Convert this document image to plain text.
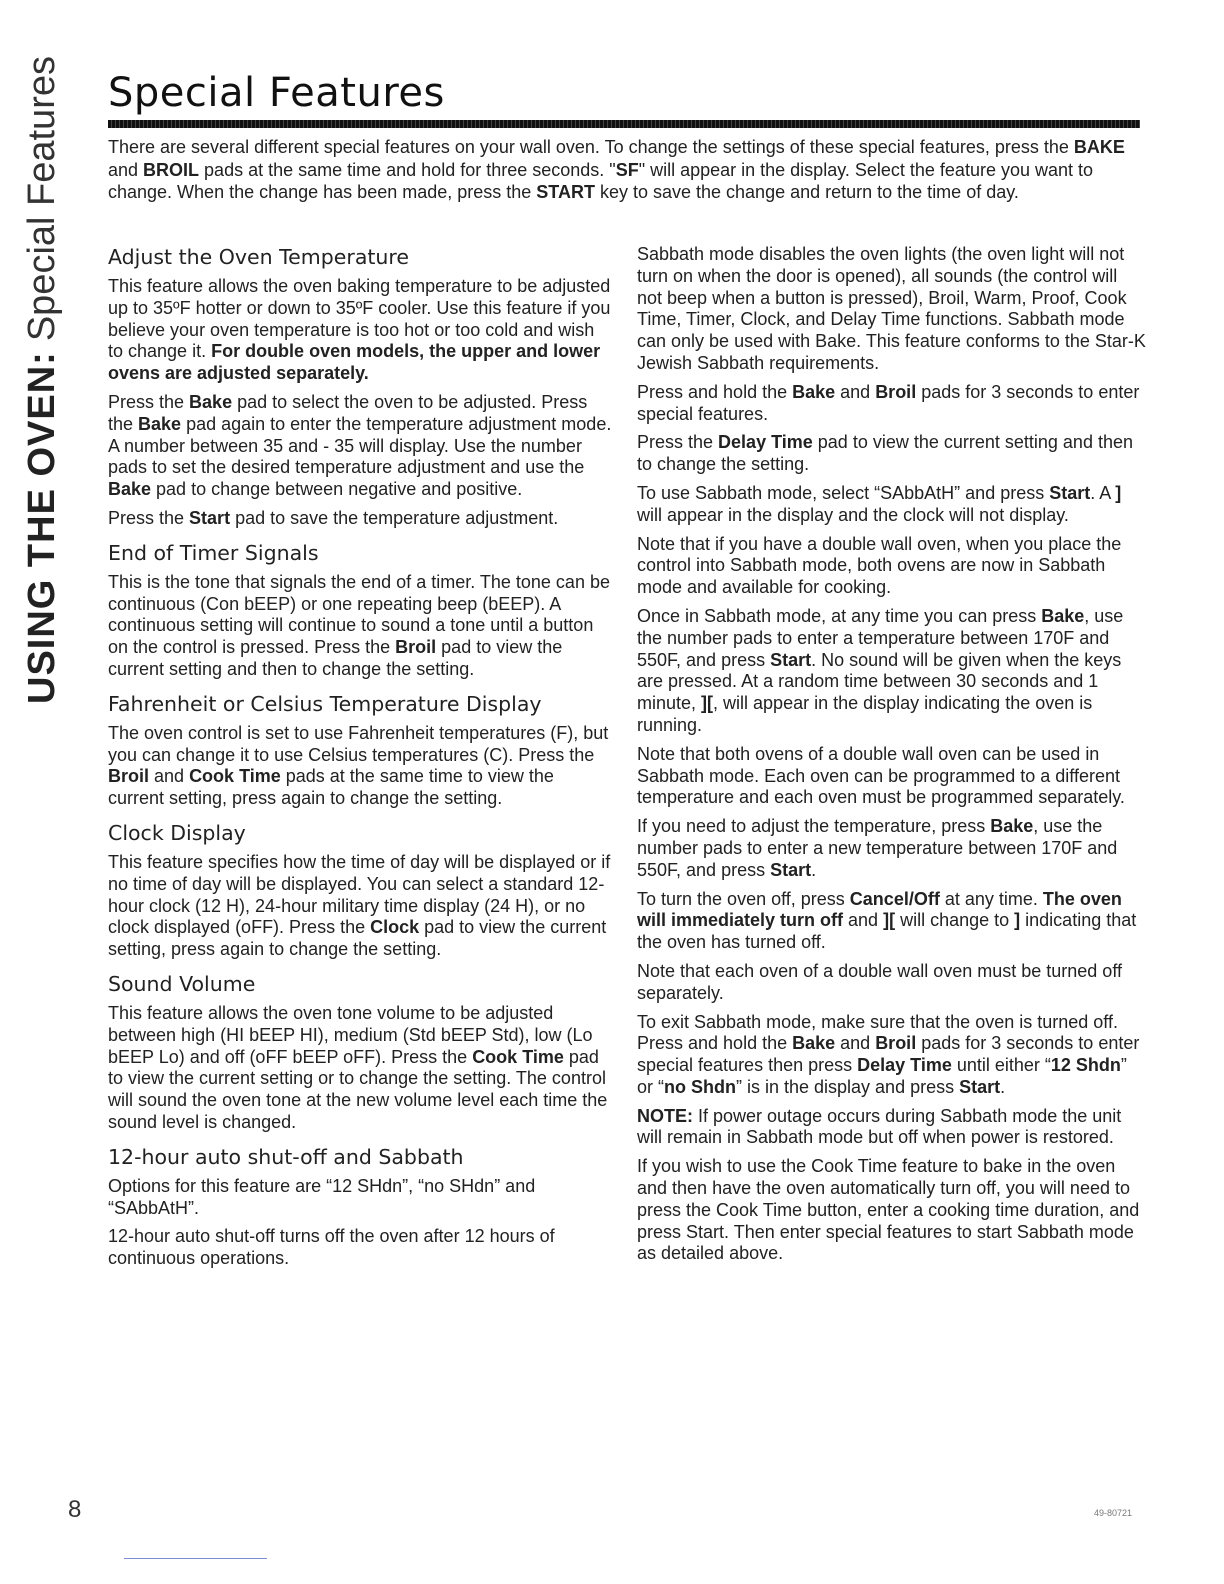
USING THE OVEN:
Special Features Special Features
There are several different special features on your wall oven. To change the settings of these special features, press the BAKE and BROIL pads at the same time and hold for three seconds. "SF" will appear in the display. Select the feature you want to change. When the change has been made, press the START key to save the change and return to the time of day.
Adjust the Oven Temperature

This feature allows the oven baking temperature to be adjusted up to 35ºF hotter or down to 35ºF cooler. Use this feature if you believe your oven temperature is too hot or too cold and wish to change it. For double oven models, the upper and lower ovens are adjusted separately.

Press the Bake pad to select the oven to be adjusted. Press the Bake pad again to enter the temperature adjustment mode. A number between 35 and - 35 will display. Use the number pads to set the desired temperature adjustment and use the Bake pad to change between negative and positive.

Press the Start pad to save the temperature adjustment.

End of Timer Signals

This is the tone that signals the end of a timer. The tone can be continuous (Con bEEP) or one repeating beep (bEEP). A continuous setting will continue to sound a tone until a button on the control is pressed. Press the Broil pad to view the current setting and then to change the setting.

Fahrenheit or Celsius Temperature Display

The oven control is set to use Fahrenheit temperatures (F), but you can change it to use Celsius temperatures (C). Press the Broil and Cook Time pads at the same time to view the current setting, press again to change the setting.

Clock Display

This feature specifies how the time of day will be displayed or if no time of day will be displayed. You can select a standard 12-hour clock (12 H), 24-hour military time display (24 H), or no clock displayed (oFF). Press the Clock pad to view the current setting, press again to change the setting.

Sound Volume

This feature allows the oven tone volume to be adjusted between high (HI bEEP HI), medium (Std bEEP Std), low (Lo bEEP Lo) and off (oFF bEEP oFF). Press the Cook Time pad to view the current setting or to change the setting. The control will sound the oven tone at the new volume level each time the sound level is changed.

12-hour auto shut-off and Sabbath

Options for this feature are “12 SHdn”, “no SHdn” and “SAbbAtH”.

12-hour auto shut-off turns off the oven after 12 hours of continuous operations.

Sabbath mode disables the oven lights (the oven light will not turn on when the door is opened), all sounds (the control will not beep when a button is pressed), Broil, Warm, Proof, Cook Time, Timer, Clock, and Delay Time functions. Sabbath mode can only be used with Bake. This feature conforms to the Star-K Jewish Sabbath requirements.

Press and hold the Bake and Broil pads for 3 seconds to enter special features.

Press the Delay Time pad to view the current setting and then to change the setting.

To use Sabbath mode, select “SAbbAtH” and press Start. A ] will appear in the display and the clock will not display.

Note that if you have a double wall oven, when you place the control into Sabbath mode, both ovens are now in Sabbath mode and available for cooking.

Once in Sabbath mode, at any time you can press Bake, use the number pads to enter a temperature between 170F and 550F, and press Start. No sound will be given when the keys are pressed. At a random time between 30 seconds and 1 minute, ][, will appear in the display indicating the oven is running.

Note that both ovens of a double wall oven can be used in Sabbath mode. Each oven can be programmed to a different temperature and each oven must be programmed separately.

If you need to adjust the temperature, press Bake, use the number pads to enter a new temperature between 170F and 550F, and press Start.

To turn the oven off, press Cancel/Off at any time. The oven will immediately turn off and ][ will change to ] indicating that the oven has turned off.

Note that each oven of a double wall oven must be turned off separately.

To exit Sabbath mode, make sure that the oven is turned off. Press and hold the Bake and Broil pads for 3 seconds to enter special features then press Delay Time until either “12 Shdn” or “no Shdn” is in the display and press Start.

NOTE: If power outage occurs during Sabbath mode the unit will remain in Sabbath mode but off when power is restored.

If you wish to use the Cook Time feature to bake in the oven and then have the oven automatically turn off, you will need to press the Cook Time button, enter a cooking time duration, and press Start. Then enter special features to start Sabbath mode as detailed above.

8	49-80721
